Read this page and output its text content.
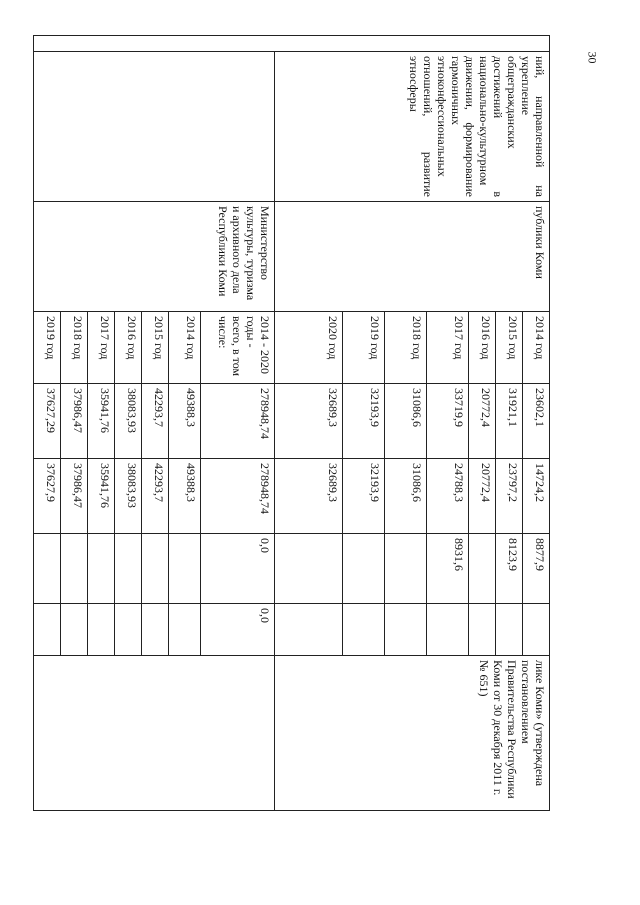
30
	ний, направленной на укрепление общегражданских достижений в национально-культурном движении, формирование гармоничных этноконфессиональных отношений, развитие этносферы	публики Коми	2014 год	23602,1	14724,2	8877,9		лике Коми» (утверждена постановлением Правительства Республики Коми от 30 декабря 2011 г. № 651)
			2015 год	31921,1	23797,2	8123,9		
			2016 год	20772,4	20772,4			
			2017 год	33719,9	24788,3	8931,6		
			2018 год	31086,6	31086,6			
			2019 год	32193,9	32193,9			
			2020 год	32689,3	32689,3			
		Министерство культуры, туризма и архивного дела Республики Коми	2014 - 2020 годы - всего, в том числе:	278948,74	278948,74	0,0	0,0	
			2014 год	49388,3	49388,3			
			2015 год	42293,7	42293,7			
			2016 год	38083,93	38083,93			
			2017 год	35941,76	35941,76			
			2018 год	37986,47	37986,47			
			2019 год	37627,29	37627,9			
